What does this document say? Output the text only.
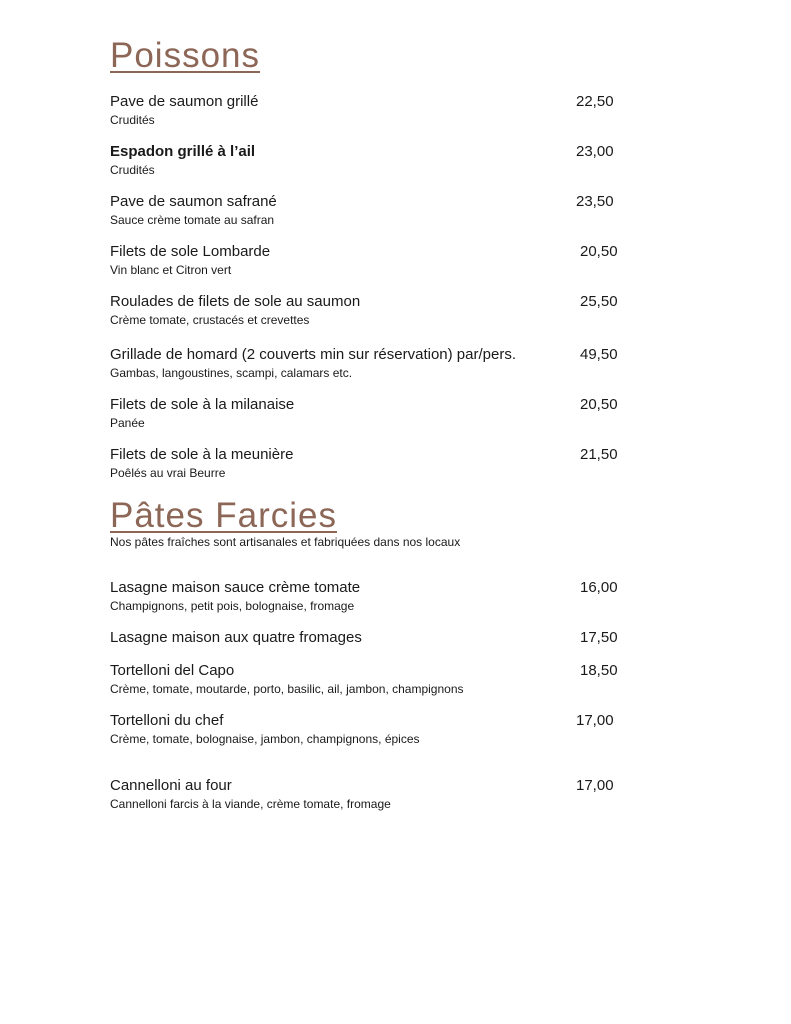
Poissons
Pave de saumon grillé	22,50
Crudités
Espadon grillé à l’ail	23,00
Crudités
Pave de saumon safrané	23,50
Sauce crème tomate au safran
Filets de sole Lombarde	20,50
Vin blanc et Citron vert
Roulades de filets de sole au saumon	25,50
Crème tomate, crustacés et crevettes
Grillade de homard (2 couverts min sur réservation) par/pers.	49,50
Gambas, langoustines, scampi, calamars etc.
Filets de sole à la milanaise	20,50
Panée
Filets de sole à la meunière	21,50
Poêlés au vrai Beurre
Pâtes Farcies
Nos pâtes fraîches sont artisanales et fabriquées dans nos locaux
Lasagne maison sauce crème tomate	16,00
Champignons, petit pois, bolognaise, fromage
Lasagne maison aux quatre fromages	17,50
Tortelloni del Capo	18,50
Crème, tomate, moutarde, porto, basilic, ail, jambon, champignons
Tortelloni du chef	17,00
Crème, tomate, bolognaise, jambon, champignons, épices
Cannelloni au four	17,00
Cannelloni farcis à la viande, crème tomate, fromage
